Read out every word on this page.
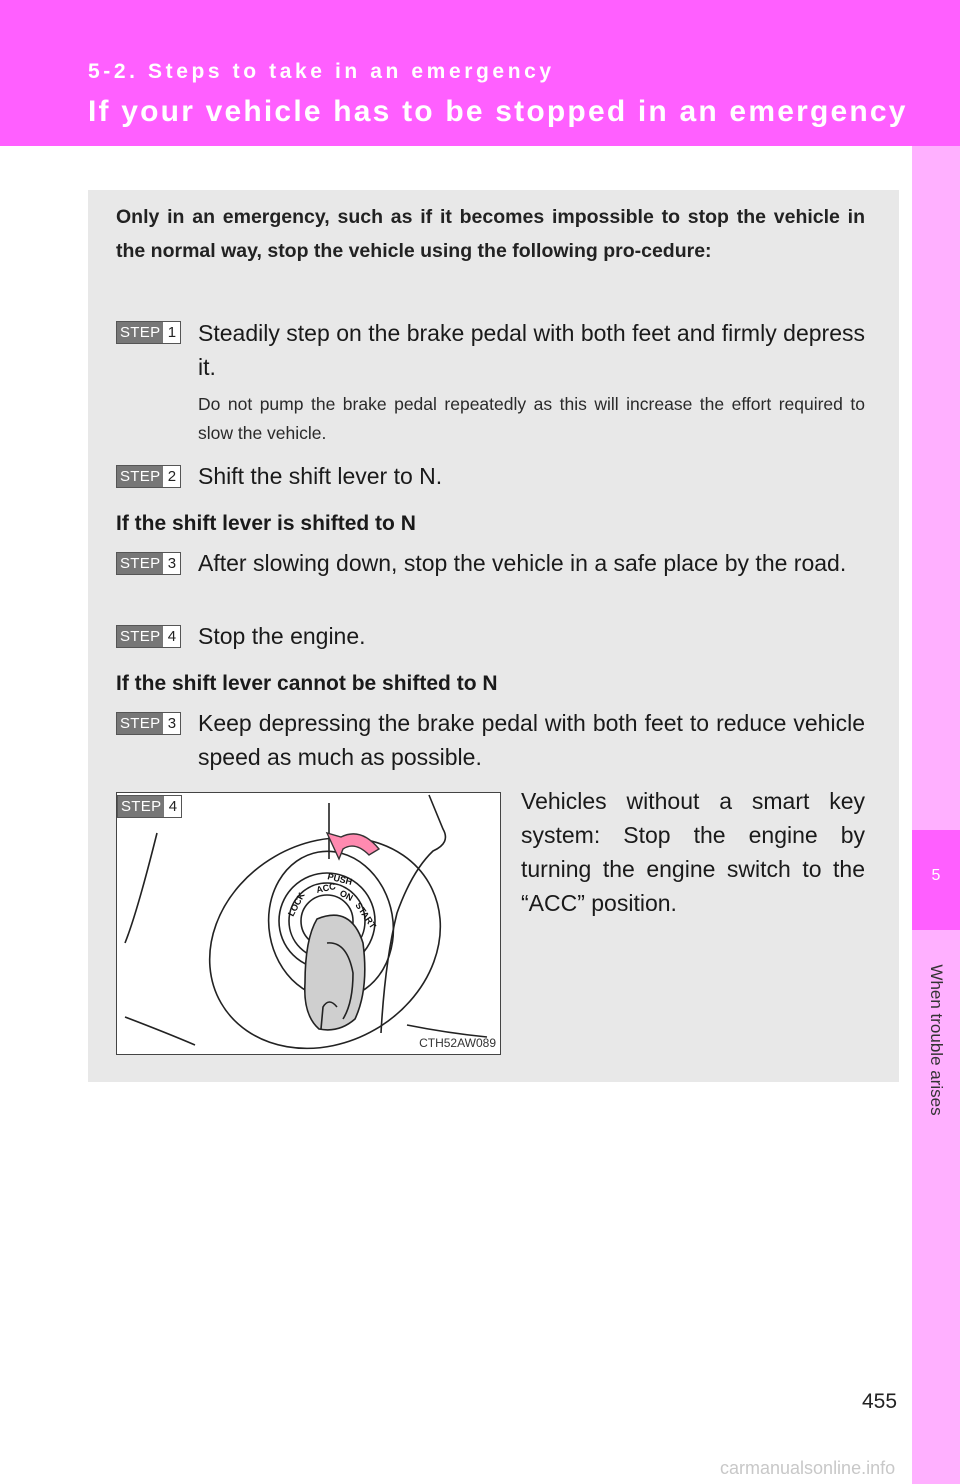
5-2. Steps to take in an emergency
If your vehicle has to be stopped in an emergency
5
When trouble arises
Only in an emergency, such as if it becomes impossible to stop the vehicle in the normal way, stop the vehicle using the following pro-cedure:
STEP 1 Steadily step on the brake pedal with both feet and firmly depress it.
Do not pump the brake pedal repeatedly as this will increase the effort required to slow the vehicle.
STEP 2 Shift the shift lever to N.
If the shift lever is shifted to N
STEP 3 After slowing down, stop the vehicle in a safe place by the road.
STEP 4 Stop the engine.
If the shift lever cannot be shifted to N
STEP 3 Keep depressing the brake pedal with both feet to reduce vehicle speed as much as possible.
PUSH
LOCK
ACC ON
START
STEP 4
CTH52AW089
Vehicles without a smart key system: Stop the engine by turning the engine switch to the “ACC” position.
455
carmanualsonline.info
